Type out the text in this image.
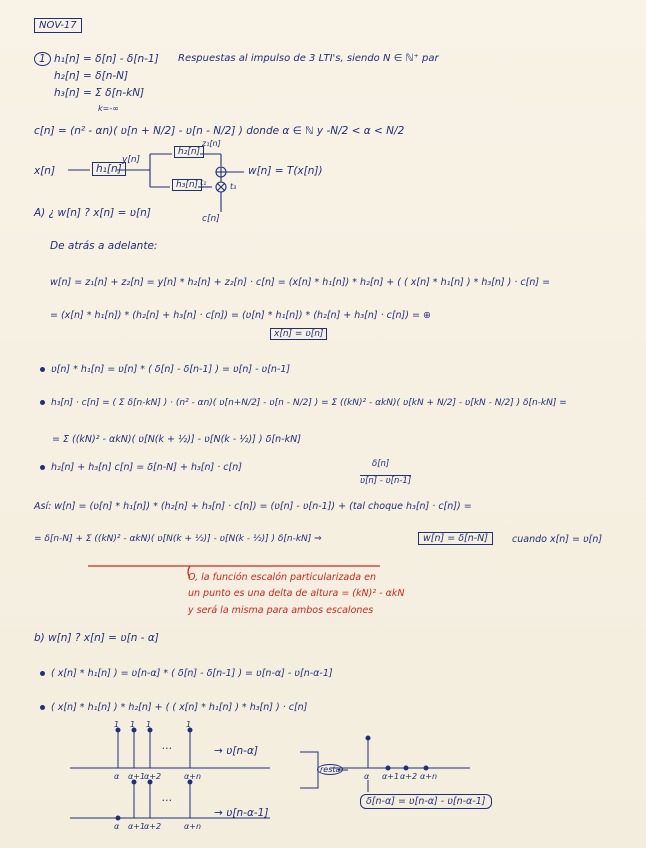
NOV-17
1 h₁[n] = δ[n] - δ[n-1]
h₂[n] = δ[n-N]
h₃[n] = Σ δ[n-kN]
k=-∞
Respuestas al impulso de 3 LTI's, siendo N ∈ ℕ⁺ par
c[n] = (n² - αn)( ʋ[n + N/2] - ʋ[n - N/2] ) donde α ∈ ℕ y -N/2 < α < N/2
x[n]	h₁[n]
y[n]
h₂[n]
z₁[n]
h₃[n] t₁	t₃
c[n]
w[n] = T(x[n])
A) ¿ w[n] ? x[n] = ʋ[n]
De atrás a adelante:
w[n] = z₁[n] + z₂[n] = y[n] * h₂[n] + z₂[n] · c[n] = (x[n] * h₁[n]) * h₂[n] + ( ( x[n] * h₁[n] ) * h₃[n] ) · c[n] =
= (x[n] * h₁[n]) * (h₂[n] + h₃[n] · c[n]) = (ʋ[n] * h₁[n]) * (h₂[n] + h₃[n] · c[n]) = ⊕
x[n] = ʋ[n]
ʋ[n] * h₁[n] = ʋ[n] * ( δ[n] - δ[n-1] ) = ʋ[n] - ʋ[n-1]
h₃[n] · c[n] = ( Σ δ[n-kN] ) · (n² - αn)( ʋ[n+N/2] - ʋ[n - N/2] ) = Σ ((kN)² - αkN)( ʋ[kN + N/2] - ʋ[kN - N/2] ) δ[n-kN] =
= Σ ((kN)² - αkN)( ʋ[N(k + ½)] - ʋ[N(k - ½)] ) δ[n-kN]
h₂[n] + h₃[n] c[n] = δ[n-N] + h₃[n] · c[n]	δ[n]
ʋ[n] - ʋ[n-1]
Así: w[n] = (ʋ[n] * h₁[n]) * (h₂[n] + h₃[n] · c[n]) = (ʋ[n] - ʋ[n-1]) + (tal choque h₃[n] · c[n]) =
= δ[n-N] + Σ ((kN)² - αkN)( ʋ[N(k + ½)] - ʋ[N(k - ½)] ) δ[n-kN] ⇒	w[n] = δ[n-N]	cuando x[n] = ʋ[n]
O, la función escalón particularizada en
un punto es una delta de altura = (kN)² - αkN
y será la misma para ambos escalones
b) w[n] ? x[n] = ʋ[n - α]
( x[n] * h₁[n] ) = ʋ[n-α] * ( δ[n] - δ[n-1] ) = ʋ[n-α] - ʋ[n-α-1]
( x[n] * h₁[n] ) * h₂[n] + ( ( x[n] * h₁[n] ) * h₃[n] ) · c[n]
1 1 1	1
…
α α+1
α+2	α+n
→ ʋ[n-α]
…
α α+1
α+2	α+n
→ ʋ[n-α-1]
resta
α α+1 α+2 α+n
δ[n-α] = ʋ[n-α] - ʋ[n-α-1]
